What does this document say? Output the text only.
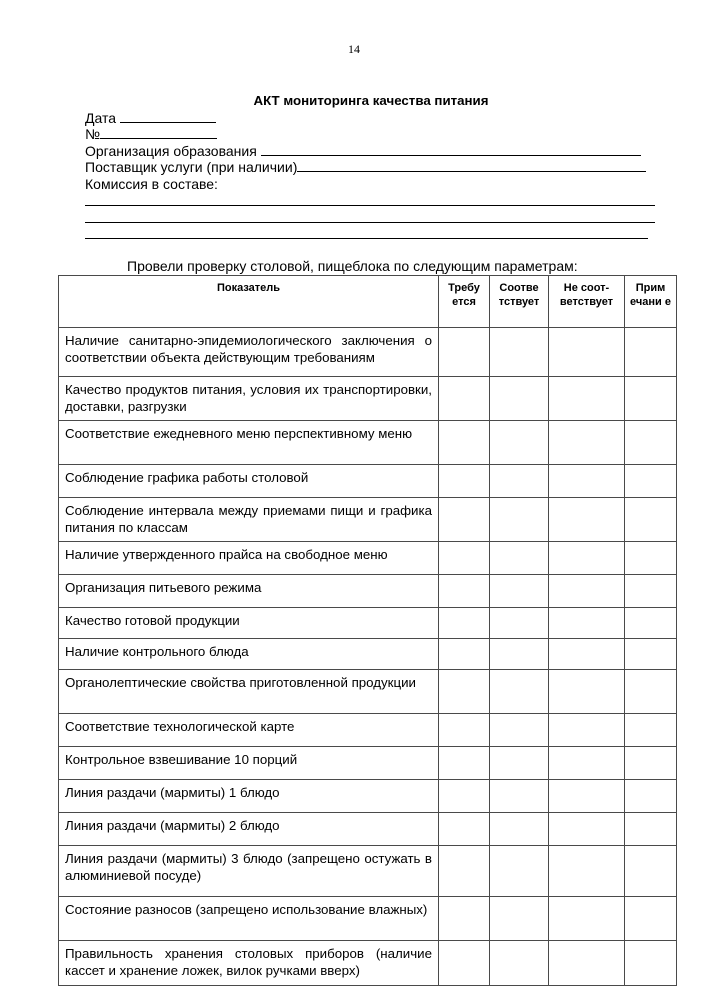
14
АКТ мониторинга качества питания
Дата
№
Организация образования
Поставщик услуги (при наличии)
Комиссия в составе:
Провели проверку столовой, пищеблока по следующим параметрам:
Показатель	Требу ется	Соотве тствует	Не соот-ветствует	Прим ечани е
Наличие санитарно-эпидемиологического заключения о соответствии объекта действующим требованиям				
Качество продуктов питания, условия их транспортировки, доставки, разгрузки				
Соответствие ежедневного меню перспективному меню				
Соблюдение графика работы столовой				
Соблюдение интервала между приемами пищи и графика питания по классам				
Наличие утвержденного прайса на свободное меню				
Организация питьевого режима				
Качество готовой продукции				
Наличие контрольного блюда				
Органолептические свойства приготовленной продукции				
Соответствие технологической карте				
Контрольное взвешивание 10 порций				
Линия раздачи (мармиты) 1 блюдо				
Линия раздачи (мармиты) 2 блюдо				
Линия раздачи (мармиты) 3 блюдо (запрещено остужать в алюминиевой посуде)				
Состояние разносов (запрещено использование влажных)				
Правильность хранения столовых приборов (наличие кассет и хранение ложек, вилок ручками вверх)				
